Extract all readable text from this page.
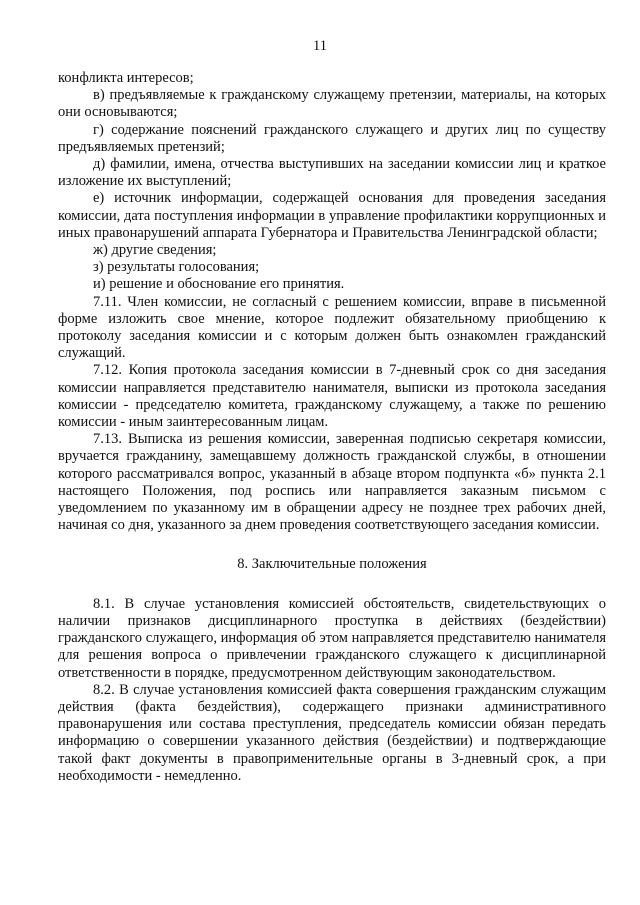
11

конфликта интересов;

в) предъявляемые к гражданскому служащему претензии, материалы, на которых они основываются;

г) содержание пояснений гражданского служащего и других лиц по существу предъявляемых претензий;

д) фамилии, имена, отчества выступивших на заседании комиссии лиц и краткое изложение их выступлений;

е) источник информации, содержащей основания для проведения заседания комиссии, дата поступления информации в управление профилактики коррупционных и иных правонарушений аппарата Губернатора и Правительства Ленинградской области;

ж) другие сведения;

з) результаты голосования;

и) решение и обоснование его принятия.

7.11. Член комиссии, не согласный с решением комиссии, вправе в письменной форме изложить свое мнение, которое подлежит обязательному приобщению к протоколу заседания комиссии и с которым должен быть ознакомлен гражданский служащий.

7.12. Копия протокола заседания комиссии в 7-дневный срок со дня заседания комиссии направляется представителю нанимателя, выписки из протокола заседания комиссии - председателю комитета, гражданскому служащему, а также по решению комиссии - иным заинтересованным лицам.

7.13. Выписка из решения комиссии, заверенная подписью секретаря комиссии, вручается гражданину, замещавшему должность гражданской службы, в отношении которого рассматривался вопрос, указанный в абзаце втором подпункта «б» пункта 2.1 настоящего Положения, под роспись или направляется заказным письмом с уведомлением по указанному им в обращении адресу не позднее трех рабочих дней, начиная со дня, указанного за днем проведения соответствующего заседания комиссии.

8. Заключительные положения

8.1. В случае установления комиссией обстоятельств, свидетельствующих о наличии признаков дисциплинарного проступка в действиях (бездействии) гражданского служащего, информация об этом направляется представителю нанимателя для решения вопроса о привлечении гражданского служащего к дисциплинарной ответственности в порядке, предусмотренном действующим законодательством.

8.2. В случае установления комиссией факта совершения гражданским служащим действия (факта бездействия), содержащего признаки административного правонарушения или состава преступления, председатель комиссии обязан передать информацию о совершении указанного действия (бездействии) и подтверждающие такой факт документы в правоприменительные органы в 3-дневный срок, а при необходимости - немедленно.
